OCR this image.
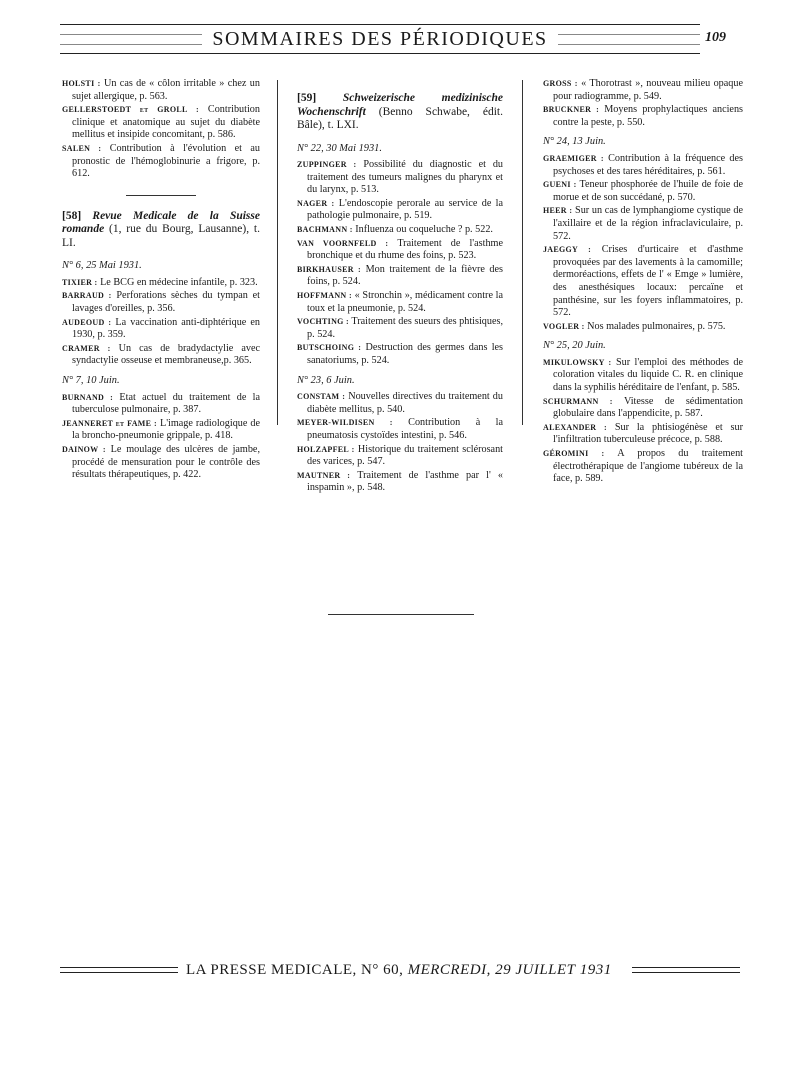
SOMMAIRES DES PÉRIODIQUES	109
HOLSTI : Un cas de « côlon irritable » chez un sujet allergique, p. 563.
GELLERSTOEDT et GROLL : Contribution clinique et anatomique au sujet du diabète mellitus et insipide concomitant, p. 586.
SALEN : Contribution à l'évolution et au pronostic de l'hémoglobinurie a frigore, p. 612.
[58] Revue Medicale de la Suisse romande (1, rue du Bourg, Lausanne), t. LI.
N° 6, 25 Mai 1931.
TIXIER : Le BCG en médecine infantile, p. 323.
BARRAUD : Perforations sèches du tympan et lavages d'oreilles, p. 356.
AUDEOUD : La vaccination anti-diphtérique en 1930, p. 359.
CRAMER : Un cas de bradydactylie avec syndactylie osseuse et membraneuse,p. 365.
N° 7, 10 Juin.
BURNAND : Etat actuel du traitement de la tuberculose pulmonaire, p. 387.
JEANNERET et FAME : L'image radiologique de la broncho-pneumonie grippale, p. 418.
DAINOW : Le moulage des ulcères de jambe, procédé de mensuration pour le contrôle des résultats thérapeutiques, p. 422.
[59] Schweizerische medizinische Wochenschrift (Benno Schwabe, édit. Bâle), t. LXI.
N° 22, 30 Mai 1931.
ZUPPINGER : Possibilité du diagnostic et du traitement des tumeurs malignes du pharynx et du larynx, p. 513.
NAGER : L'endoscopie perorale au service de la pathologie pulmonaire, p. 519.
BACHMANN : Influenza ou coqueluche ? p. 522.
VAN VOORNFELD : Traitement de l'asthme bronchique et du rhume des foins, p. 523.
BIRKHAUSER : Mon traitement de la fièvre des foins, p. 524.
HOFFMANN : « Stronchin », médicament contre la toux et la pneumonie, p. 524.
VOCHTING : Traitement des sueurs des phtisiques, p. 524.
BUTSCHOING : Destruction des germes dans les sanatoriums, p. 524.
N° 23, 6 Juin.
CONSTAM : Nouvelles directives du traitement du diabète mellitus, p. 540.
MEYER-WILDISEN : Contribution à la pneumatosis cystoïdes intestini, p. 546.
HOLZAPFEL : Historique du traitement sclérosant des varices, p. 547.
MAUTNER : Traitement de l'asthme par l' « inspamin », p. 548.
GROSS : « Thorotrast », nouveau milieu opaque pour radiogramme, p. 549.
BRUCKNER : Moyens prophylactiques anciens contre la peste, p. 550.
N° 24, 13 Juin.
GRAEMIGER : Contribution à la fréquence des psychoses et des tares héréditaires, p. 561.
GUENI : Teneur phosphorée de l'huile de foie de morue et de son succédané, p. 570.
HEER : Sur un cas de lymphangiome cystique de l'axillaire et de la région infraclaviculaire, p. 572.
JAEGGY : Crises d'urticaire et d'asthme provoquées par des lavements à la camomille; dermoréactions, effets de l' « Emge » lumière, des anesthésiques locaux: percaïne et panthésine, sur les foyers inflammatoires, p. 572.
VOGLER : Nos malades pulmonaires, p. 575.
N° 25, 20 Juin.
MIKULOWSKY : Sur l'emploi des méthodes de coloration vitales du liquide C. R. en clinique dans la syphilis héréditaire de l'enfant, p. 585.
SCHURMANN : Vitesse de sédimentation globulaire dans l'appendicite, p. 587.
ALEXANDER : Sur la phtisiogénèse et sur l'infiltration tuberculeuse précoce, p. 588.
GÉROMINI : A propos du traitement électrothérapique de l'angiome tubéreux de la face, p. 589.
LA PRESSE MEDICALE, N° 60, MERCREDI, 29 JUILLET 1931
